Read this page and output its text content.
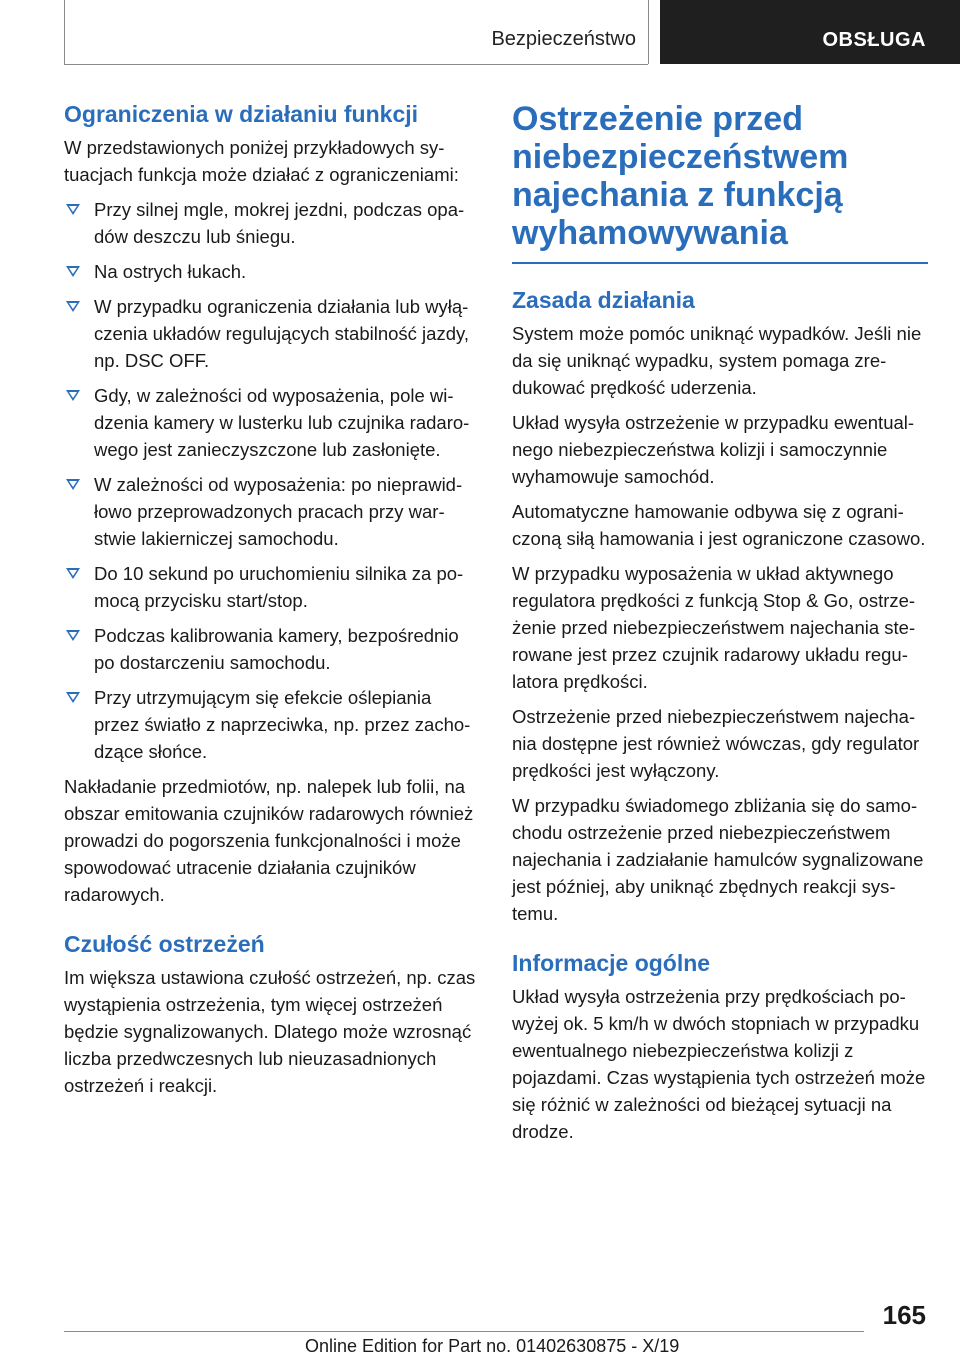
Bezpieczeństwo	OBSŁUGA
Ograniczenia w działaniu funkcji

W przedstawionych poniżej przykładowych sytuacjach funkcja może działać z ograniczeniami:

Przy silnej mgle, mokrej jezdni, podczas opadów deszczu lub śniegu.
Na ostrych łukach.
W przypadku ograniczenia działania lub wyłączenia układów regulujących stabilność jazdy, np. DSC OFF.
Gdy, w zależności od wyposażenia, pole widzenia kamery w lusterku lub czujnika radarowego jest zanieczyszczone lub zasłonięte.
W zależności od wyposażenia: po nieprawidłowo przeprowadzonych pracach przy warstwie lakierniczej samochodu.
Do 10 sekund po uruchomieniu silnika za pomocą przycisku start/stop.
Podczas kalibrowania kamery, bezpośrednio po dostarczeniu samochodu.
Przy utrzymującym się efekcie oślepiania przez światło z naprzeciwka, np. przez zachodzące słońce.

Nakładanie przedmiotów, np. nalepek lub folii, na obszar emitowania czujników radarowych również prowadzi do pogorszenia funkcjonalności i może spowodować utracenie działania czujników radarowych.

Czułość ostrzeżeń

Im większa ustawiona czułość ostrzeżeń, np. czas wystąpienia ostrzeżenia, tym więcej ostrzeżeń będzie sygnalizowanych. Dlatego może wzrosnąć liczba przedwczesnych lub nieuzasadnionych ostrzeżeń i reakcji.

Ostrzeżenie przed niebezpieczeństwem najechania z funkcją wyhamowywania
Zasada działania

System może pomóc uniknąć wypadków. Jeśli nie da się uniknąć wypadku, system pomaga zredukować prędkość uderzenia.

Układ wysyła ostrzeżenie w przypadku ewentualnego niebezpieczeństwa kolizji i samoczynnie wyhamowuje samochód.

Automatyczne hamowanie odbywa się z ograniczoną siłą hamowania i jest ograniczone czasowo.

W przypadku wyposażenia w układ aktywnego regulatora prędkości z funkcją Stop & Go, ostrzeżenie przed niebezpieczeństwem najechania sterowane jest przez czujnik radarowy układu regulatora prędkości.

Ostrzeżenie przed niebezpieczeństwem najechania dostępne jest również wówczas, gdy regulator prędkości jest wyłączony.

W przypadku świadomego zbliżania się do samochodu ostrzeżenie przed niebezpieczeństwem najechania i zadziałanie hamulców sygnalizowane jest później, aby uniknąć zbędnych reakcji systemu.

Informacje ogólne

Układ wysyła ostrzeżenia przy prędkościach powyżej ok. 5 km/h w dwóch stopniach w przypadku ewentualnego niebezpieczeństwa kolizji z pojazdami. Czas wystąpienia tych ostrzeżeń może się różnić w zależności od bieżącej sytuacji na drodze.

165
Online Edition for Part no. 01402630875 - X/19
